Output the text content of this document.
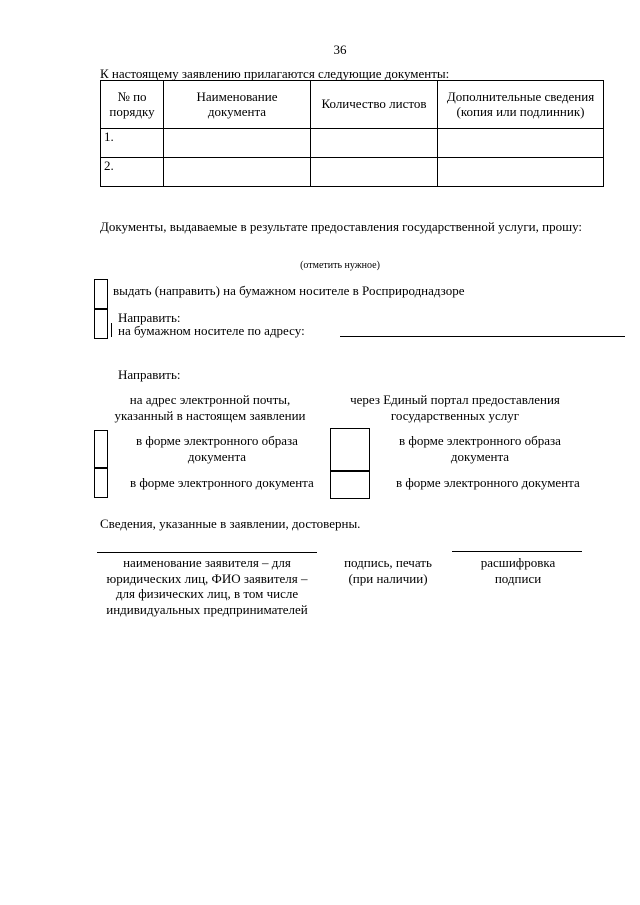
36
К настоящему заявлению прилагаются следующие документы:
№ по порядку	Наименование документа	Количество листов	Дополнительные сведения (копия или подлинник)
1.			
2.			
Документы, выдаваемые в результате предоставления государственной услуги, прошу:
(отметить нужное)
выдать (направить) на бумажном носителе в Росприроднадзоре
Направить:
на бумажном носителе по адресу:
Направить:
на адрес электронной почты, указанный в настоящем заявлении
через Единый портал предоставления государственных услуг
в форме электронного образа документа
в форме электронного документа
в форме электронного образа документа
в форме электронного документа
Сведения, указанные в заявлении, достоверны.
наименование заявителя – для юридических лиц, ФИО заявителя – для физических лиц, в том числе индивидуальных предпринимателей
подпись, печать (при наличии)
расшифровка подписи
